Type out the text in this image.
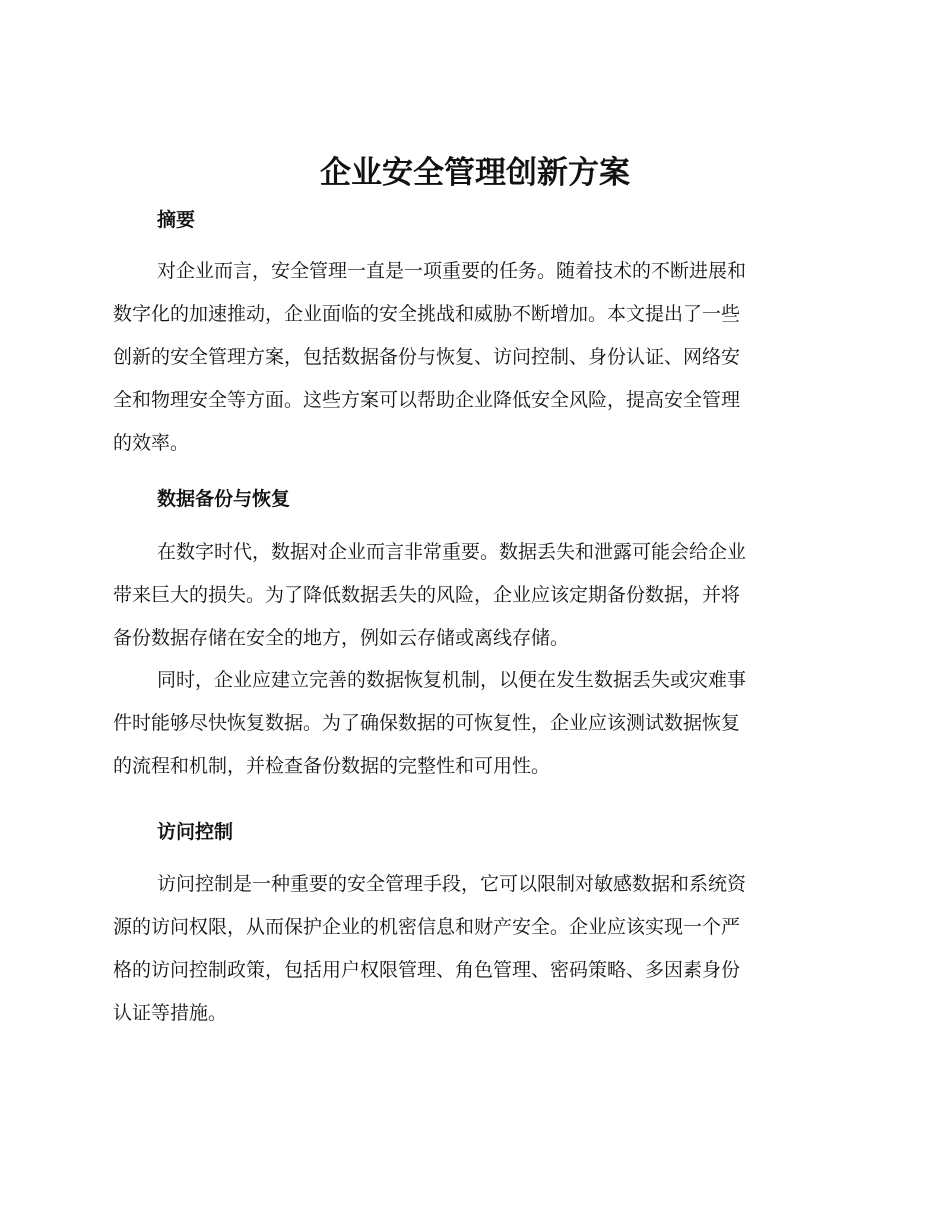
企业安全管理创新方案
摘要
对企业而言，安全管理一直是一项重要的任务。随着技术的不断进展和
数字化的加速推动，企业面临的安全挑战和威胁不断增加。本文提出了一些
创新的安全管理方案，包括数据备份与恢复、访问控制、身份认证、网络安
全和物理安全等方面。这些方案可以帮助企业降低安全风险，提高安全管理
的效率。
数据备份与恢复
在数字时代，数据对企业而言非常重要。数据丢失和泄露可能会给企业
带来巨大的损失。为了降低数据丢失的风险，企业应该定期备份数据，并将
备份数据存储在安全的地方，例如云存储或离线存储。
同时，企业应建立完善的数据恢复机制，以便在发生数据丢失或灾难事
件时能够尽快恢复数据。为了确保数据的可恢复性，企业应该测试数据恢复
的流程和机制，并检查备份数据的完整性和可用性。
访问控制
访问控制是一种重要的安全管理手段，它可以限制对敏感数据和系统资
源的访问权限，从而保护企业的机密信息和财产安全。企业应该实现一个严
格的访问控制政策，包括用户权限管理、角色管理、密码策略、多因素身份
认证等措施。
